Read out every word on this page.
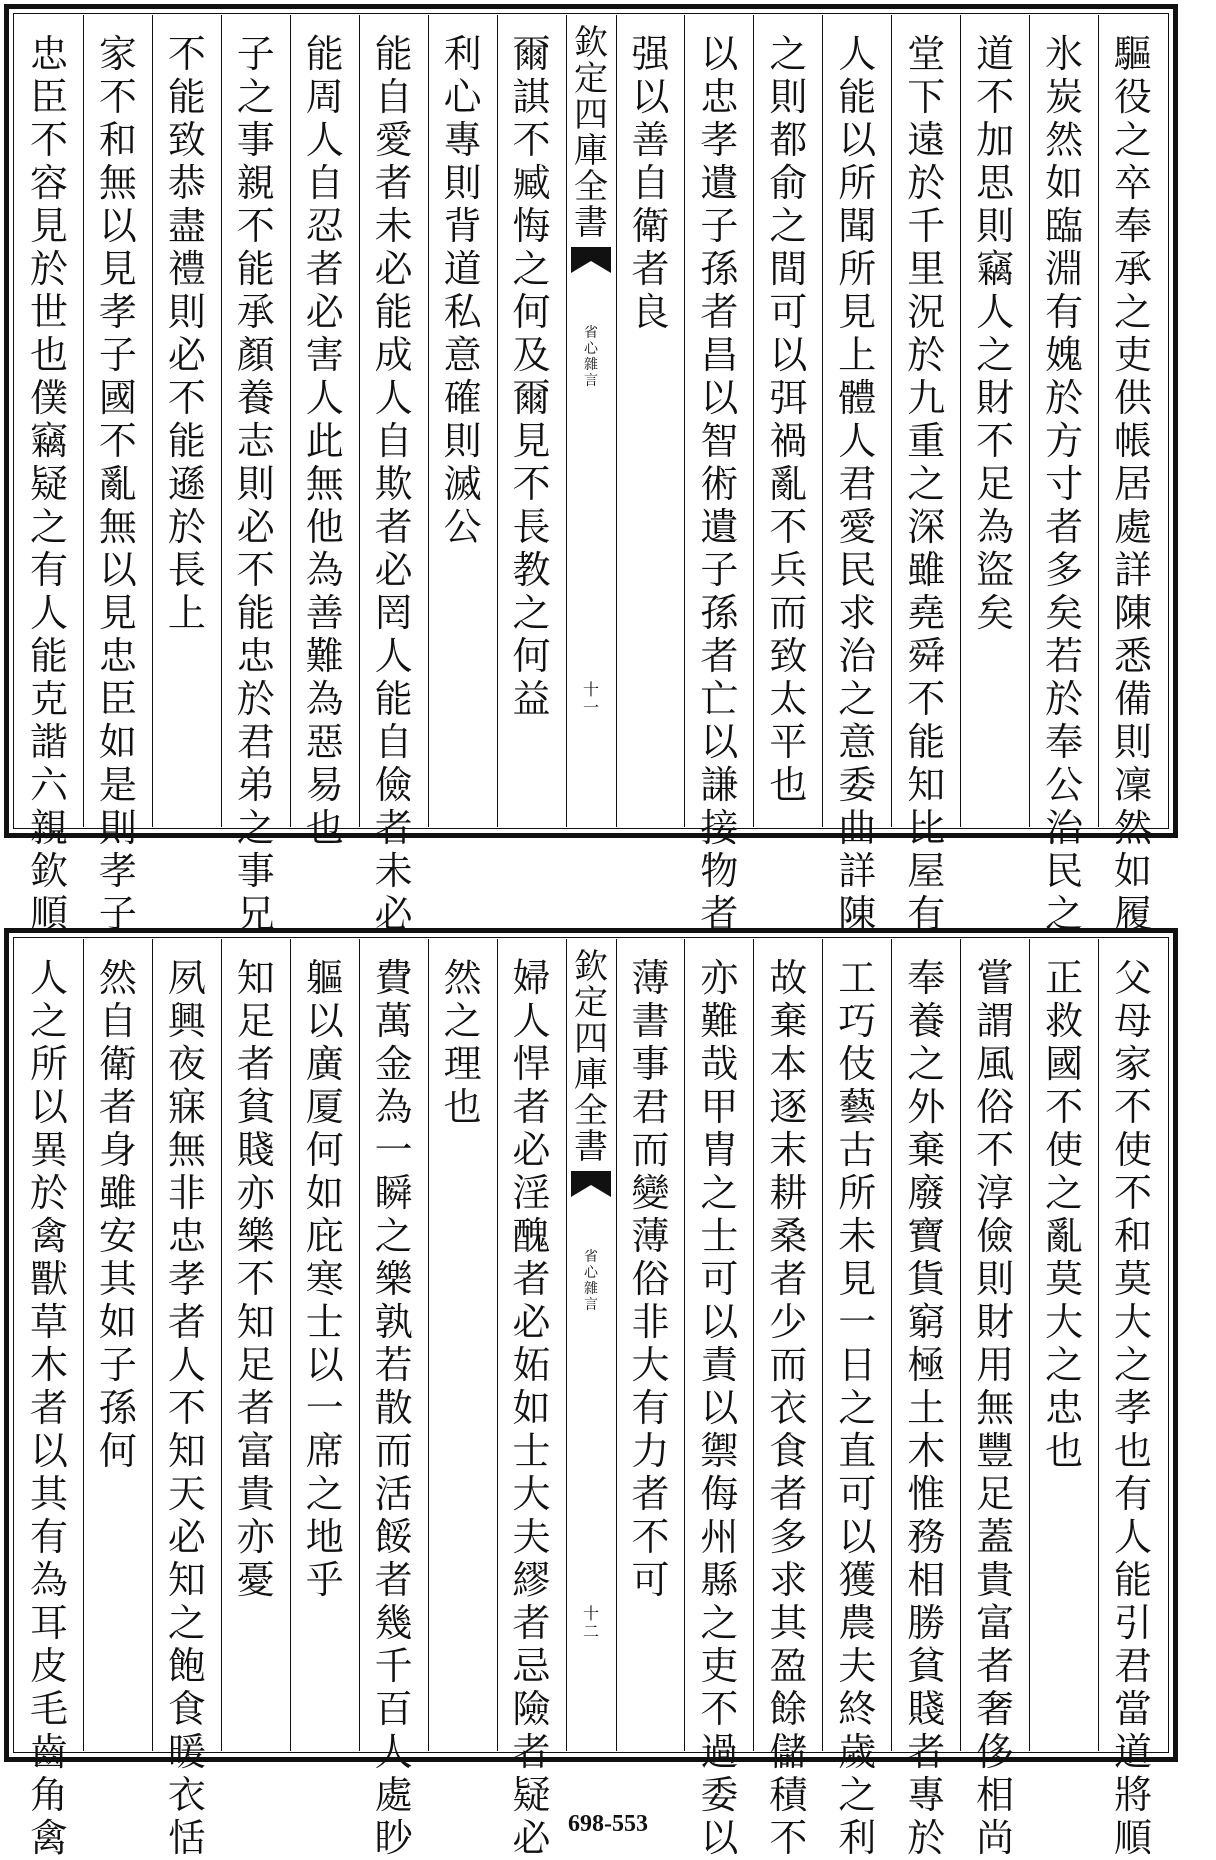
驅
役
之
卒
奉
承
之
吏
供
帳
居
處
詳
陳
悉
備
則
凜
然
如
履
氷
炭
然
如
臨
淵
有
媿
於
方
寸
者
多
矣
若
於
奉
公
治
民
之
道
不
加
思
則
竊
人
之
財
不
足
為
盜
矣
堂
下
遠
於
千
里
況
於
九
重
之
深
雖
堯
舜
不
能
知
比
屋
有
人
能
以
所
聞
所
見
上
體
人
君
愛
民
求
治
之
意
委
曲
詳
陳
之
則
都
俞
之
間
可
以
弭
禍
亂
不
兵
而
致
太
平
也
以
忠
孝
遺
子
孫
者
昌
以
智
術
遺
子
孫
者
亡
以
謙
接
物
者
强
以
善
自
衛
者
良
欽
定
四
庫
全
書
省
心
雜
言
十
一
爾
諆
不
臧
悔
之
何
及
爾
見
不
長
教
之
何
益
利
心
專
則
背
道
私
意
確
則
滅
公
能
自
愛
者
未
必
能
成
人
自
欺
者
必
罔
人
能
自
儉
者
未
必
能
周
人
自
忍
者
必
害
人
此
無
他
為
善
難
為
惡
易
也
子
之
事
親
不
能
承
顏
養
志
則
必
不
能
忠
於
君
弟
之
事
兄
不
能
致
恭
盡
禮
則
必
不
能
遜
於
長
上
家
不
和
無
以
見
孝
子
國
不
亂
無
以
見
忠
臣
如
是
則
孝
子
忠
臣
不
容
見
於
世
也
僕
竊
疑
之
有
人
能
克
諧
六
親
欽
順
父
母
家
不
使
不
和
莫
大
之
孝
也
有
人
能
引
君
當
道
將
順
正
救
國
不
使
之
亂
莫
大
之
忠
也
嘗
謂
風
俗
不
淳
儉
則
財
用
無
豐
足
蓋
貴
富
者
奢
侈
相
尚
奉
養
之
外
棄
廢
寶
貨
窮
極
土
木
惟
務
相
勝
貧
賤
者
專
於
工
巧
伎
藝
古
所
未
見
一
日
之
直
可
以
獲
農
夫
終
歲
之
利
故
棄
本
逐
末
耕
桑
者
少
而
衣
食
者
多
求
其
盈
餘
儲
積
不
亦
難
哉
甲
胄
之
士
可
以
責
以
禦
侮
州
縣
之
吏
不
過
委
以
薄
書
事
君
而
變
薄
俗
非
大
有
力
者
不
可
欽
定
四
庫
全
書
省
心
雜
言
十
二
婦
人
悍
者
必
淫
醜
者
必
妬
如
士
大
夫
繆
者
忌
險
者
疑
必
然
之
理
也
費
萬
金
為
一
瞬
之
樂
孰
若
散
而
活
餒
者
幾
千
百
人
處
眇
軀
以
廣
厦
何
如
庇
寒
士
以
一
席
之
地
乎
知
足
者
貧
賤
亦
樂
不
知
足
者
富
貴
亦
憂
夙
興
夜
寐
無
非
忠
孝
者
人
不
知
天
必
知
之
飽
食
暖
衣
恬
然
自
衛
者
身
雖
安
其
如
子
孫
何
人
之
所
以
異
於
禽
獸
草
木
者
以
其
有
為
耳
皮
毛
齒
角
禽	698-553
